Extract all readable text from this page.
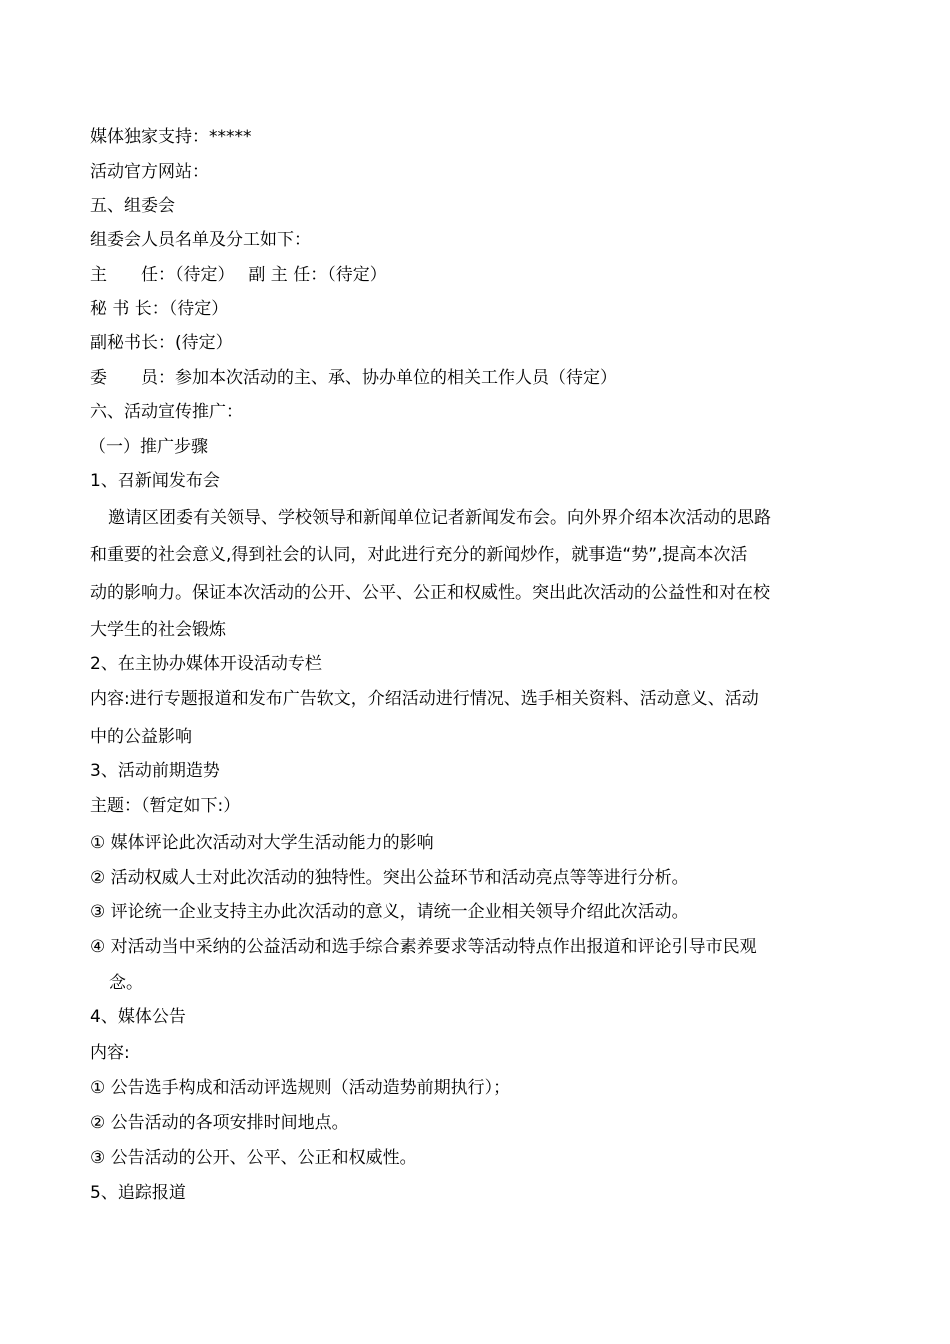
媒体独家支持：*****

活动官方网站：

五、组委会

组委会人员名单及分工如下：

主　　任：（待定）　 副 主 任：（待定）

秘 书 长：（待定）

副秘书长：(待定）

委　　员：参加本次活动的主、承、协办单位的相关工作人员（待定）

六、活动宣传推广：

（一）推广步骤

1、召新闻发布会

邀请区团委有关领导、学校领导和新闻单位记者新闻发布会。向外界介绍本次活动的思路

和重要的社会意义,得到社会的认同，对此进行充分的新闻炒作，就事造“势”,提高本次活

动的影响力。保证本次活动的公开、公平、公正和权威性。突出此次活动的公益性和对在校

大学生的社会锻炼

2、在主协办媒体开设活动专栏

内容:进行专题报道和发布广告软文，介绍活动进行情况、选手相关资料、活动意义、活动

中的公益影响

3、活动前期造势

主题：（暂定如下:）

① 媒体评论此次活动对大学生活动能力的影响

② 活动权威人士对此次活动的独特性。突出公益环节和活动亮点等等进行分析。

③ 评论统一企业支持主办此次活动的意义，请统一企业相关领导介绍此次活动。

④ 对活动当中采纳的公益活动和选手综合素养要求等活动特点作出报道和评论引导市民观

念。

4、媒体公告

内容:

① 公告选手构成和活动评选规则（活动造势前期执行）；

② 公告活动的各项安排时间地点。

③ 公告活动的公开、公平、公正和权威性。

5、追踪报道
